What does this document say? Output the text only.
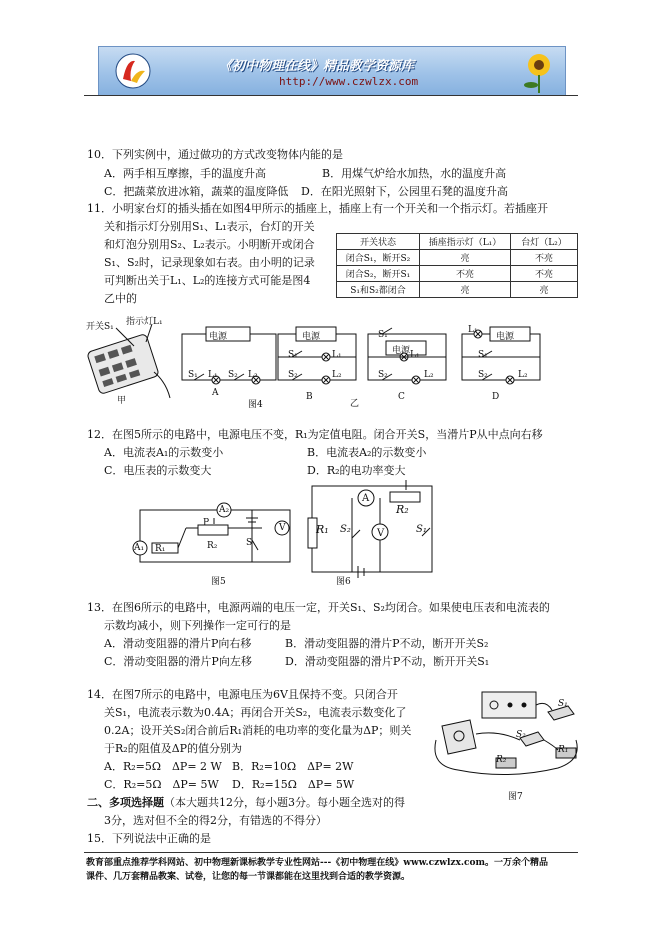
《初中物理在线》精品教学资源库
http://www.czwlzx.com
10．下列实例中，通过做功的方式改变物体内能的是
A．两手相互摩擦，手的温度升高	B．用煤气炉给水加热，水的温度升高
C．把蔬菜放进冰箱，蔬菜的温度降低 D．在阳光照射下，公园里石凳的温度升高
11．小明家台灯的插头插在如图4甲所示的插座上，插座上有一个开关和一个指示灯。若插座开
关和指示灯分别用S₁、L₁表示，台灯的开关
和灯泡分别用S₂、L₂表示。小明断开或闭合
S₁、S₂时，记录现象如右表。由小明的记录
可判断出关于L₁、L₂的连接方式可能是图4
乙中的
开关状态	插座指示灯（L₁）	台灯（L₂）
闭合S₁，断开S₂	亮	不亮
闭合S₂，断开S₁	不亮	不亮
S₁和S₂都闭合	亮	亮
开关S₁ 指示灯L₁
甲
电源	电源
电源
电源
S₁ L₁ S₂ L₂
S₁	L₁
S₂	L₂
S₁
L₁
S₂	L₂
L₁
S₁
S₂	L₂
A
图4
B
乙
C	D
12．在图5所示的电路中，电源电压不变，R₁为定值电阻。闭合开关S，当滑片P从中点向右移
A．电流表A₁的示数变小	B．电流表A₂的示数变小
C．电压表的示数变大	D．R₂的电功率变大
A₁
A₂
R₁	R₂
P
S
V
图5
R₁
A
R₂
S₂	V	S₁
图6
13．在图6所示的电路中，电源两端的电压一定，开关S₁、S₂均闭合。如果使电压表和电流表的
示数均减小，则下列操作一定可行的是
A．滑动变阻器的滑片P向右移	B．滑动变阻器的滑片P不动，断开开关S₂
C．滑动变阻器的滑片P向左移	D．滑动变阻器的滑片P不动，断开开关S₁
14．在图7所示的电路中，电源电压为6V且保持不变。只闭合开
关S₁，电流表示数为0.4A；再闭合开关S₂，电流表示数变化了
0.2A；设开关S₂闭合前后R₁消耗的电功率的变化量为ΔP；则关
于R₂的阻值及ΔP的值分别为
A．R₂=5Ω　ΔP= 2 W B．R₂=10Ω　ΔP= 2W
C．R₂=5Ω　ΔP= 5W D．R₂=15Ω　ΔP= 5W
S₁
S₂
R₁
R₂
图7
二、多项选择题（本大题共12分，每小题3分。每小题全选对的得
3分，选对但不全的得2分，有错选的不得分）
15．下列说法中正确的是
教育部重点推荐学科网站、初中物理新课标教学专业性网站---《初中物理在线》www.czwlzx.com。一万余个精品
课件、几万套精品教案、试卷，让您的每一节课都能在这里找到合适的教学资源。
